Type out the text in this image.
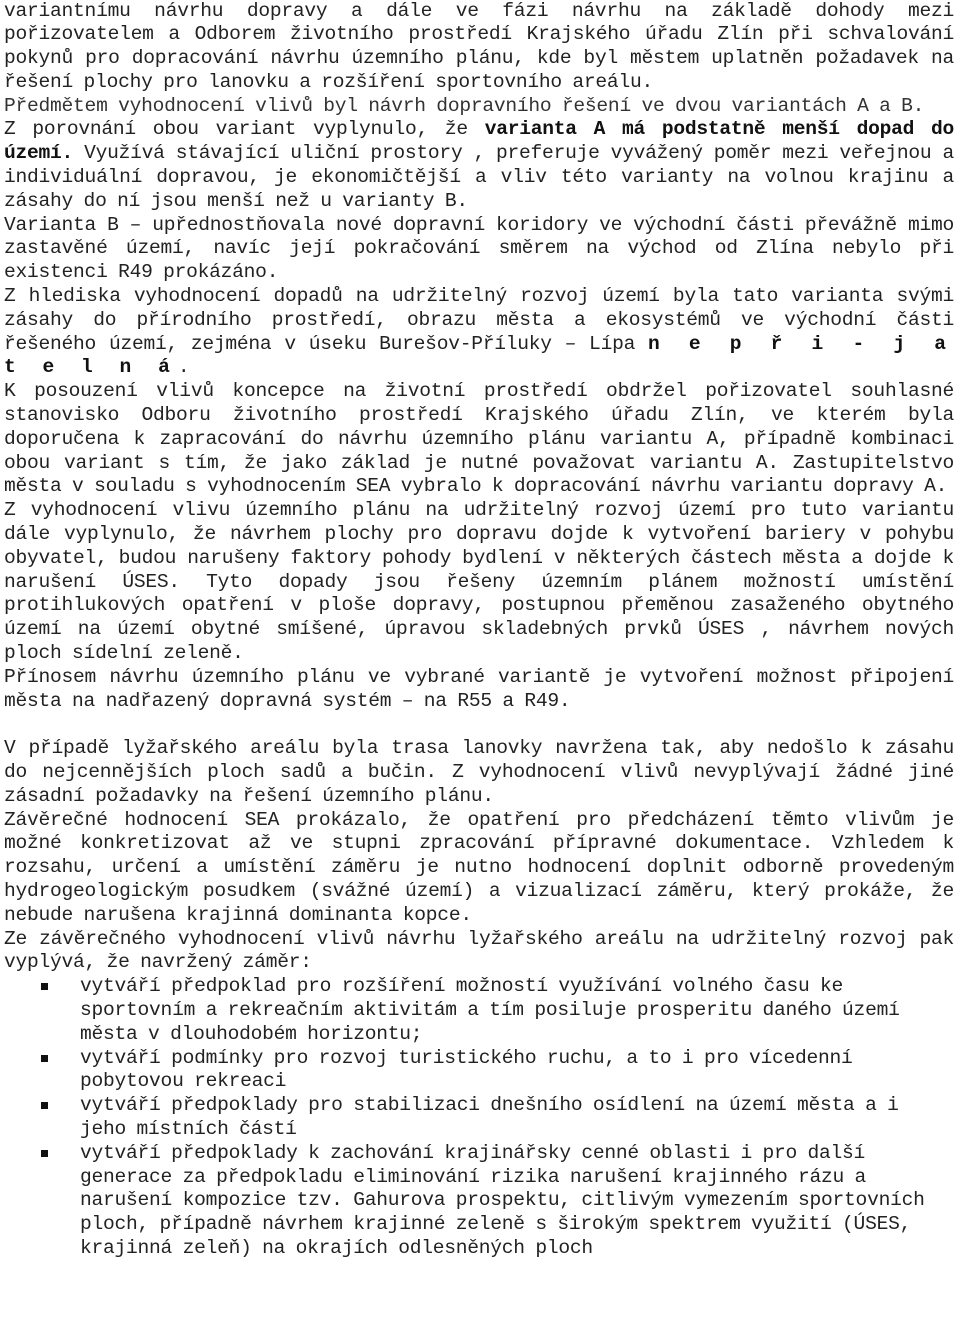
variantnímu návrhu dopravy a dále ve fázi návrhu na základě dohody mezi pořizovatelem a Odborem životního prostředí Krajského úřadu Zlín při schvalování pokynů pro dopracování návrhu územního plánu, kde byl městem uplatněn požadavek na řešení plochy pro lanovku a rozšíření sportovního areálu.

Předmětem vyhodnocení vlivů byl návrh dopravního řešení ve dvou variantách A a B.

Z porovnání obou variant vyplynulo, že varianta A má podstatně menší dopad do území. Využívá stávající uliční prostory , preferuje vyvážený poměr mezi veřejnou a individuální dopravou, je ekonomičtější a vliv této varianty na volnou krajinu a zásahy do ní jsou menší než u varianty B.

Varianta B – upřednostňovala nové dopravní koridory ve východní části převážně mimo zastavěné území, navíc její pokračování směrem na východ od Zlína nebylo při existenci R49 prokázáno.

Z hlediska vyhodnocení dopadů na udržitelný rozvoj území byla tato varianta svými zásahy do přírodního prostředí, obrazu města a ekosystémů ve východní části řešeného území, zejména v úseku Burešov-Příluky – Lípa n e p ř i - j a t e l n á.

K posouzení vlivů koncepce na životní prostředí obdržel pořizovatel souhlasné stanovisko Odboru životního prostředí Krajského úřadu Zlín, ve kterém byla doporučena k zapracování do návrhu územního plánu variantu A, případně kombinaci obou variant s tím, že jako základ je nutné považovat variantu A. Zastupitelstvo města v souladu s vyhodnocením SEA vybralo k dopracování návrhu variantu dopravy A.

Z vyhodnocení vlivu územního plánu na udržitelný rozvoj území pro tuto variantu dále vyplynulo, že návrhem plochy pro dopravu dojde k vytvoření bariery v pohybu obyvatel, budou narušeny faktory pohody bydlení v některých částech města a dojde k narušení ÚSES. Tyto dopady jsou řešeny územním plánem možností umístění protihlukových opatření v ploše dopravy, postupnou přeměnou zasaženého obytného území na území obytné smíšené, úpravou skladebných prvků ÚSES , návrhem nových ploch sídelní zeleně.

Přínosem návrhu územního plánu ve vybrané variantě je vytvoření možnost připojení města na nadřazený dopravná systém – na R55 a R49.

V případě lyžařského areálu byla trasa lanovky navržena tak, aby nedošlo k zásahu do nejcennějších ploch sadů a bučin. Z vyhodnocení vlivů nevyplývají žádné jiné zásadní požadavky na řešení územního plánu.

Závěrečné hodnocení SEA prokázalo, že opatření pro předcházení těmto vlivům je možné konkretizovat až ve stupni zpracování přípravné dokumentace. Vzhledem k rozsahu, určení a umístění záměru je nutno hodnocení doplnit odborně provedeným hydrogeologickým posudkem (svážné území) a vizualizací záměru, který prokáže, že nebude narušena krajinná dominanta kopce.

Ze závěrečného vyhodnocení vlivů návrhu lyžařského areálu na udržitelný rozvoj pak vyplývá, že navržený záměr:

vytváří předpoklad pro rozšíření možností využívání volného času ke sportovním a rekreačním aktivitám a tím posiluje prosperitu daného území města v dlouhodobém horizontu;
vytváří podmínky pro rozvoj turistického ruchu, a to i pro vícedenní pobytovou rekreaci
vytváří předpoklady pro stabilizaci dnešního osídlení na území města a i jeho místních částí
vytváří předpoklady k zachování krajinářsky cenné oblasti i pro další generace za předpokladu eliminování rizika narušení krajinného rázu a narušení kompozice tzv. Gahurova prospektu, citlivým vymezením sportovních ploch, případně návrhem krajinné zeleně s širokým spektrem využití (ÚSES, krajinná zeleň) na okrajích odlesněných ploch
